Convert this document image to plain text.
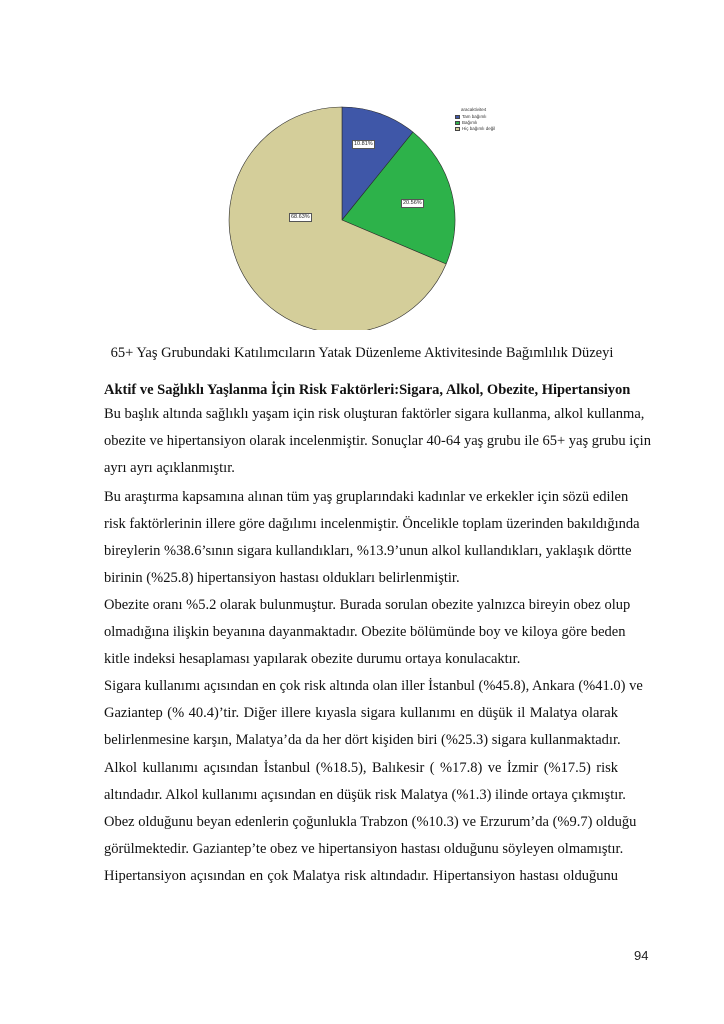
10.81%
20.56%
68.63%
aracaktivite4
Tam bağımlı
Bağımlı
Hiç bağımlı değil
65+ Yaş Grubundaki Katılımcıların Yatak Düzenleme Aktivitesinde Bağımlılık Düzeyi
Aktif ve Sağlıklı Yaşlanma İçin Risk Faktörleri:Sigara, Alkol, Obezite, Hipertansiyon
Bu başlık altında sağlıklı yaşam için risk oluşturan faktörler sigara kullanma, alkol kullanma,
obezite ve hipertansiyon olarak incelenmiştir. Sonuçlar 40-64 yaş grubu ile 65+ yaş grubu için
ayrı ayrı açıklanmıştır.
Bu araştırma kapsamına alınan tüm yaş gruplarındaki kadınlar ve erkekler için sözü edilen
risk faktörlerinin illere göre dağılımı incelenmiştir. Öncelikle toplam üzerinden bakıldığında
bireylerin %38.6’sının sigara kullandıkları, %13.9’unun alkol kullandıkları, yaklaşık dörtte
birinin (%25.8) hipertansiyon hastası oldukları belirlenmiştir.
Obezite oranı %5.2 olarak bulunmuştur. Burada sorulan obezite yalnızca bireyin obez olup
olmadığına ilişkin beyanına dayanmaktadır. Obezite bölümünde boy ve kiloya göre beden
kitle indeksi hesaplaması yapılarak obezite durumu ortaya konulacaktır.
Sigara kullanımı açısından en çok risk altında olan iller İstanbul (%45.8), Ankara (%41.0) ve
Gaziantep (% 40.4)’tir. Diğer illere kıyasla sigara kullanımı en düşük il Malatya olarak
belirlenmesine karşın, Malatya’da da her dört kişiden biri (%25.3) sigara kullanmaktadır.
Alkol kullanımı açısından İstanbul (%18.5), Balıkesir ( %17.8) ve İzmir (%17.5) risk
altındadır. Alkol kullanımı açısından en düşük risk Malatya (%1.3) ilinde ortaya çıkmıştır.
Obez olduğunu beyan edenlerin çoğunlukla Trabzon (%10.3) ve Erzurum’da (%9.7) olduğu
görülmektedir. Gaziantep’te obez ve hipertansiyon hastası olduğunu söyleyen olmamıştır.
Hipertansiyon açısından en çok Malatya risk altındadır. Hipertansiyon hastası olduğunu
94
